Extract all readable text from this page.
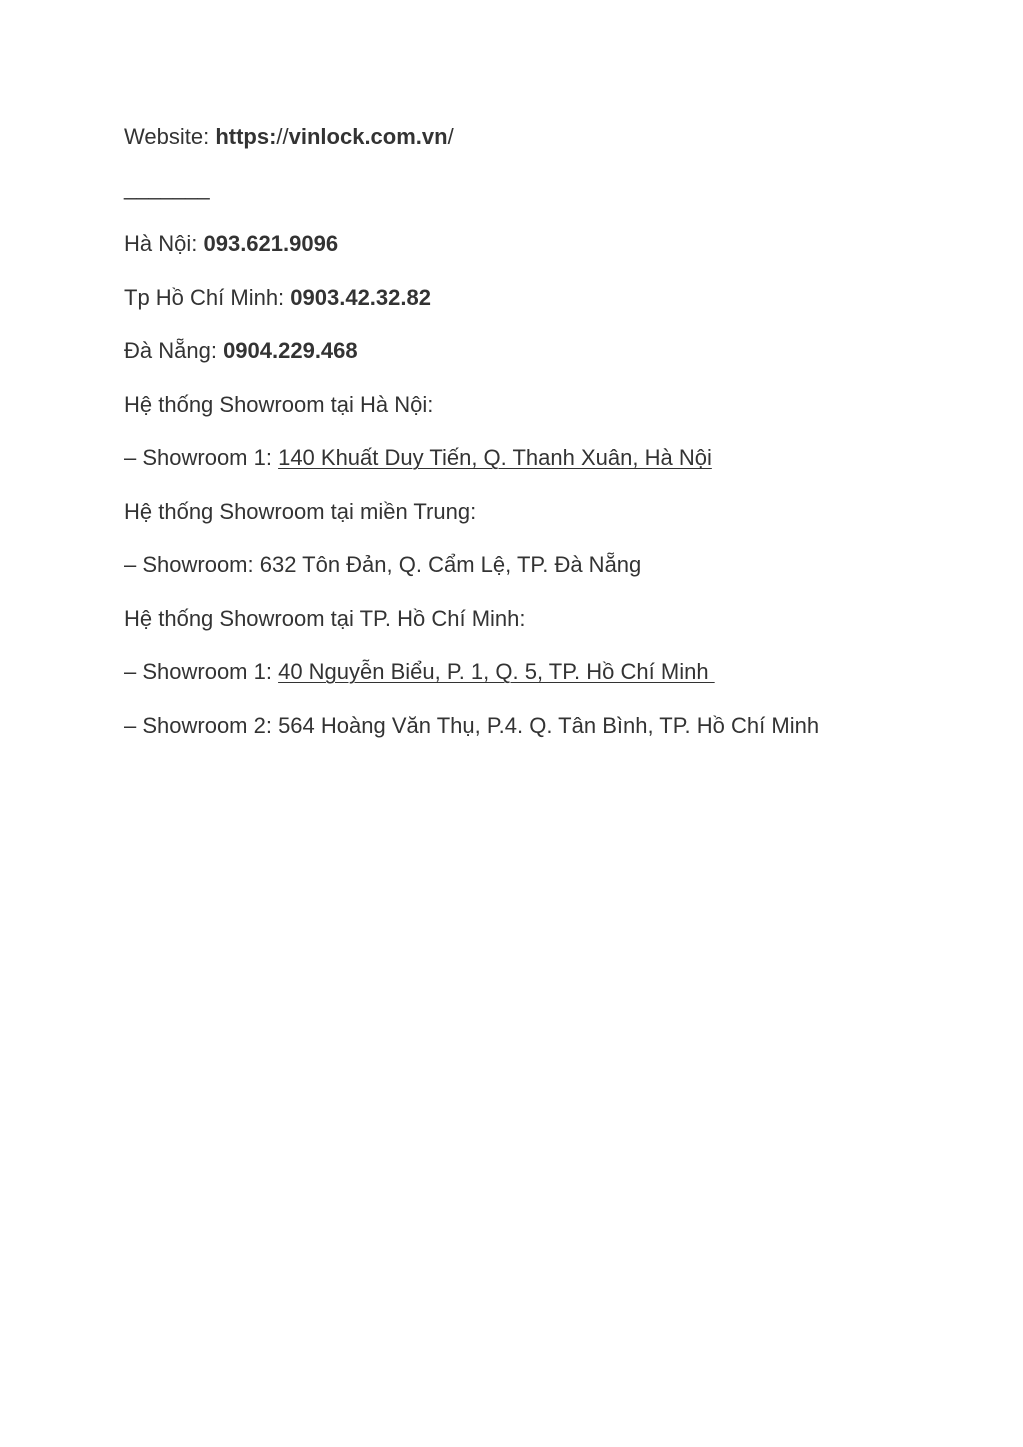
Website: https://vinlock.com.vn/
_______
Hà Nội: 093.621.9096
Tp Hồ Chí Minh: 0903.42.32.82
Đà Nẵng: 0904.229.468
Hệ thống Showroom tại Hà Nội:
– Showroom 1: 140 Khuất Duy Tiến, Q. Thanh Xuân, Hà Nội
Hệ thống Showroom tại miền Trung:
– Showroom: 632 Tôn Đản, Q. Cẩm Lệ, TP. Đà Nẵng
Hệ thống Showroom tại TP. Hồ Chí Minh:
– Showroom 1: 40 Nguyễn Biểu, P. 1, Q. 5, TP. Hồ Chí Minh
– Showroom 2: 564 Hoàng Văn Thụ, P.4. Q. Tân Bình, TP. Hồ Chí Minh
